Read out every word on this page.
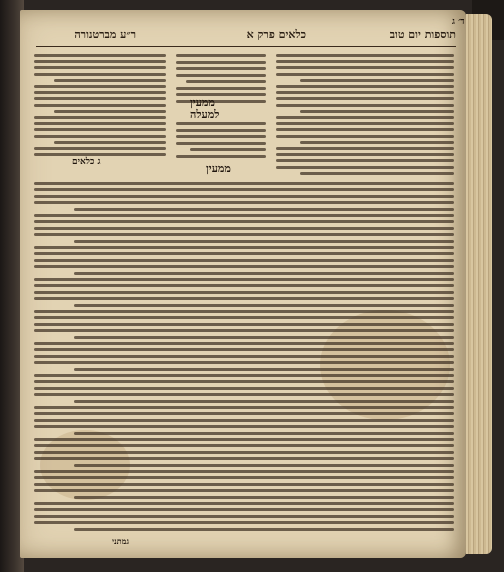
תוספות יום טוב
כלאים פרק א
ר״ע מברטנורה
ד׳ ג
ממעין
למעלה
ממעין
ג כלאים
גמתני
